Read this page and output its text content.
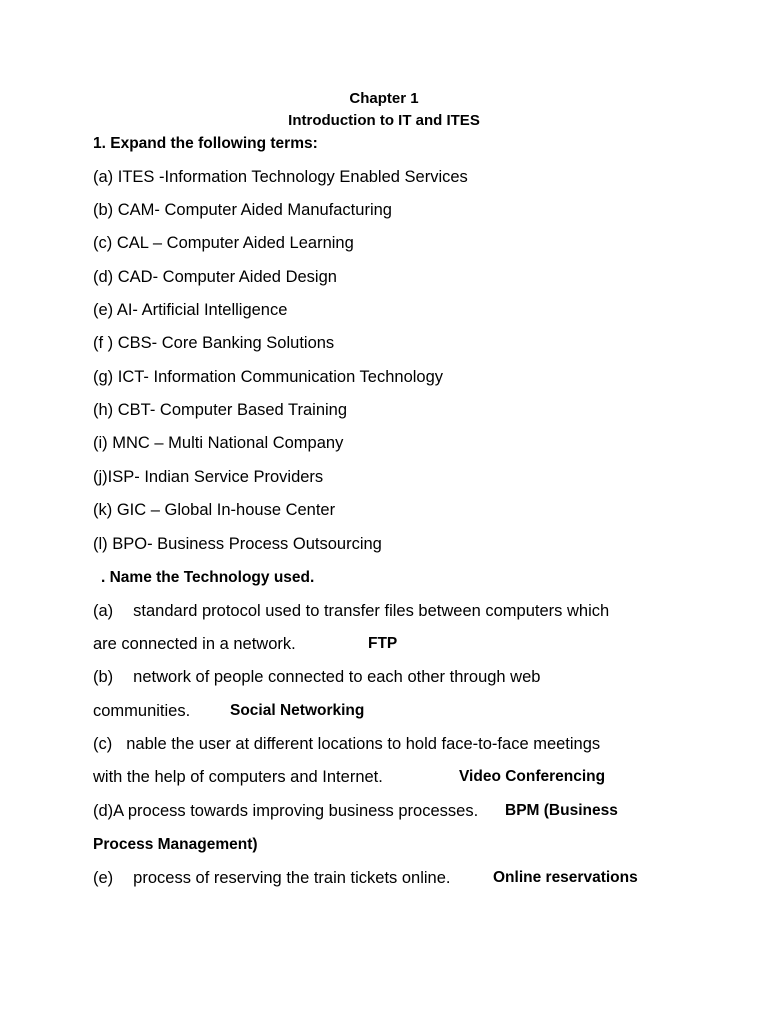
Chapter 1
Introduction to IT and ITES
1. Expand the following terms:
(a) ITES -Information Technology Enabled Services
(b) CAM- Computer Aided Manufacturing
(c) CAL – Computer Aided Learning
(d) CAD- Computer Aided Design
(e) AI- Artificial Intelligence
(f ) CBS- Core Banking Solutions
(g) ICT- Information Communication Technology
(h) CBT- Computer Based Training
(i) MNC – Multi National Company
(j)ISP- Indian Service Providers
(k) GIC – Global In-house Center
(l) BPO- Business Process Outsourcing
. Name the Technology used.
(a) standard protocol used to transfer files between computers which
are connected in a network.	FTP
(b) network of people connected to each other through web
communities.	Social Networking
(c) nable the user at different locations to hold face-to-face meetings
with the help of computers and Internet.	Video Conferencing
(d)A process towards improving business processes. BPM (Business
Process Management)
(e) process of reserving the train tickets online.	Online reservations
